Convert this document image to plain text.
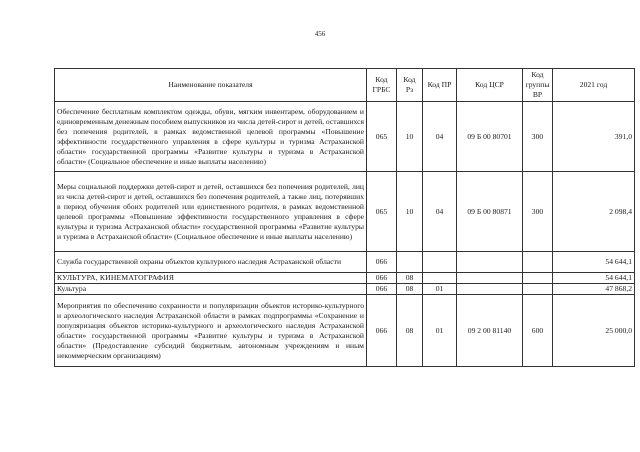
456
Наименование показателя	Код ГРБС	Код Рз	Код ПР	Код ЦСР	Код группы ВР	2021 год
Обеспечение бесплатным комплектом одежды, обуви, мягким инвентарем, оборудованием и единовременным денежным пособием выпускников из числа детей-сирот и детей, оставшихся без попечения родителей, в рамках ведомственной целевой программы «Повышение эффективности государственного управления в сфере культуры и туризма Астраханской области» государственной программы «Развитие культуры и туризма в Астраханской области» (Социальное обеспечение и иные выплаты населению)	065	10	04	09 Б 00 80701	300	391,0
Меры социальной поддержки детей-сирот и детей, оставшихся без попечения родителей, лиц из числа детей-сирот и детей, оставшихся без попечения родителей, а также лиц, потерявших в период обучения обоих родителей или единственного родителя, в рамках ведомственной целевой программы «Повышение эффективности государственного управления в сфере культуры и туризма Астраханской области» государственной программы «Развитие культуры и туризма в Астраханской области» (Социальное обеспечение и иные выплаты населению)	065	10	04	09 Б 00 80871	300	2 098,4
Служба государственной охраны объектов культурного наследия Астраханской области	066					54 644,1
КУЛЬТУРА, КИНЕМАТОГРАФИЯ	066	08				54 644,1
Культура	066	08	01			47 868,2
Мероприятия по обеспечению сохранности и популяризации объектов историко-культурного и археологического наследия Астраханской области в рамках подпрограммы «Сохранение и популяризация объектов историко-культурного и археологического наследия Астраханской области» государственной программы «Развитие культуры и туризма в Астраханской области» (Предоставление субсидий бюджетным, автономным учреждениям и иным некоммерческим организациям)	066	08	01	09 2 00 81140	600	25 000,0
